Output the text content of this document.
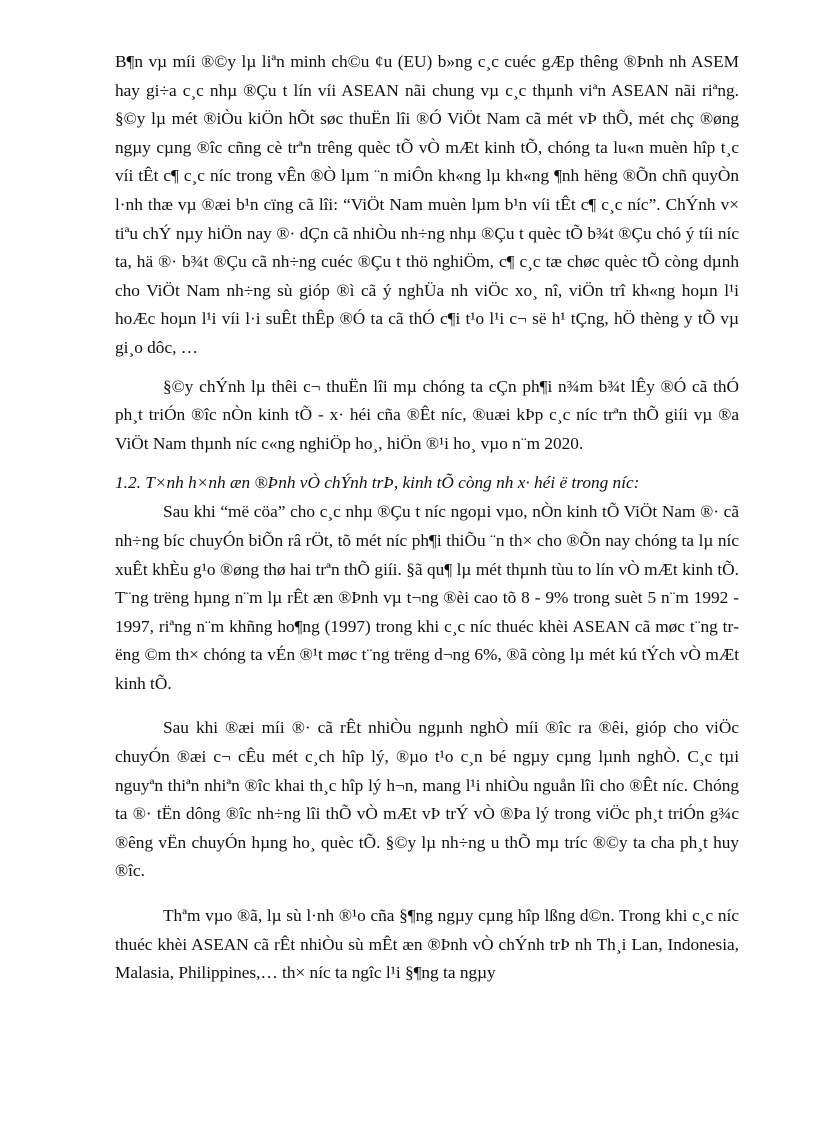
B¶n vµ míi ®©y lµ liªn minh ch©u ¢u (EU) b»ng c¸c cuéc gÆp thêng ®Þnh nh ASEM hay gi÷a c¸c nhµ ®Çu t lín víi ASEAN nãi chung vµ c¸c thµnh viªn ASEAN nãi riªng. §©y lµ mét ®iÒu kiÖn hÕt søc thuËn lîi ®Ó ViÖt Nam cã mét vÞ thÕ, mét chç ®øng ngµy cµng ®îc cñng cè trªn trêng quèc tÕ vÒ mÆt kinh tÕ, chóng ta lu«n muèn hîp t¸c víi tÊt c¶ c¸c níc trong vÊn ®Ò lµm ¨n miÔn kh«ng lµ kh«ng ¶nh hëng ®Õn chñ quyÒn l·nh thæ vµ ®æi b¹n cïng cã lîi: “ViÖt Nam muèn lµm b¹n víi tÊt c¶ c¸c níc”. ChÝnh v× tiªu chÝ nµy hiÖn nay ®· dÇn cã nhiÒu nh÷ng nhµ ®Çu t quèc tÕ b¾t ®Çu chó ý tíi níc ta, hä ®· b¾t ®Çu cã nh÷ng cuéc ®Çu t thö nghiÖm, c¶ c¸c tæ chøc quèc tÕ còng dµnh cho ViÖt Nam nh÷ng sù gióp ®ì cã ý nghÜa nh viÖc xo¸ nî, viÖn trî kh«ng hoµn l¹i hoÆc hoµn l¹i víi l·i suÊt thÊp ®Ó ta cã thÓ c¶i t¹o l¹i c¬ së h¹ tÇng, hÖ thèng y tÕ vµ gi¸o dôc, …

§©y chÝnh lµ thêi c¬ thuËn lîi mµ chóng ta cÇn ph¶i n¾m b¾t lÊy ®Ó cã thÓ ph¸t triÓn ®îc nÒn kinh tÕ - x· héi cña ®Êt níc, ®uæi kÞp c¸c níc trªn thÕ giíi vµ ®a ViÖt Nam thµnh níc c«ng nghiÖp ho¸, hiÖn ®¹i ho¸ vµo n¨m 2020.

1.2. T×nh h×nh æn ®Þnh vÒ chÝnh trÞ, kinh tÕ còng nh x· héi ë trong níc:

Sau khi “më cöa” cho c¸c nhµ ®Çu t níc ngoµi vµo, nÒn kinh tÕ ViÖt Nam ®· cã nh÷ng bíc chuyÓn biÕn râ rÖt, tõ mét níc ph¶i thiÕu ¨n th× cho ®Õn nay chóng ta lµ níc xuÊt khÈu g¹o ®øng thø hai trªn thÕ giíi. §ã qu¶ lµ mét thµnh tùu to lín vÒ mÆt kinh tÕ. T¨ng trëng hµng n¨m lµ rÊt æn ®Þnh vµ t¬ng ®èi cao tõ 8 - 9% trong suèt 5 n¨m 1992 - 1997, riªng n¨m khñng ho¶ng (1997) trong khi c¸c níc thuéc khèi ASEAN cã møc t¨ng trëng ©m th× chóng ta vÉn ®¹t møc t¨ng trëng d¬ng 6%, ®ã còng lµ mét kú tÝch vÒ mÆt kinh tÕ.

Sau khi ®æi míi ®· cã rÊt nhiÒu ngµnh nghÒ míi ®îc ra ®êi, gióp cho viÖc chuyÓn ®æi c¬ cÊu mét c¸ch hîp lý, ®µo t¹o c¸n bé ngµy cµng lµnh nghÒ. C¸c tµi nguyªn thiªn nhiªn ®îc khai th¸c hîp lý h¬n, mang l¹i nhiÒu nguån lîi cho ®Êt níc. Chóng ta ®· tËn dông ®îc nh÷ng lîi thÕ vÒ mÆt vÞ trÝ vÒ ®Þa lý trong viÖc ph¸t triÓn g¾c ®êng vËn chuyÓn hµng ho¸ quèc tÕ. §©y lµ nh÷ng u thÕ mµ tríc ®©y ta cha ph¸t huy ®îc.

Thªm vµo ®ã, lµ sù l·nh ®¹o cña §¶ng ngµy cµng hîp lßng d©n. Trong khi c¸c níc thuéc khèi ASEAN cã rÊt nhiÒu sù mÊt æn ®Þnh vÒ chÝnh trÞ nh Th¸i Lan, Indonesia, Malasia, Philippines,… th× níc ta ngîc l¹i §¶ng ta ngµy
